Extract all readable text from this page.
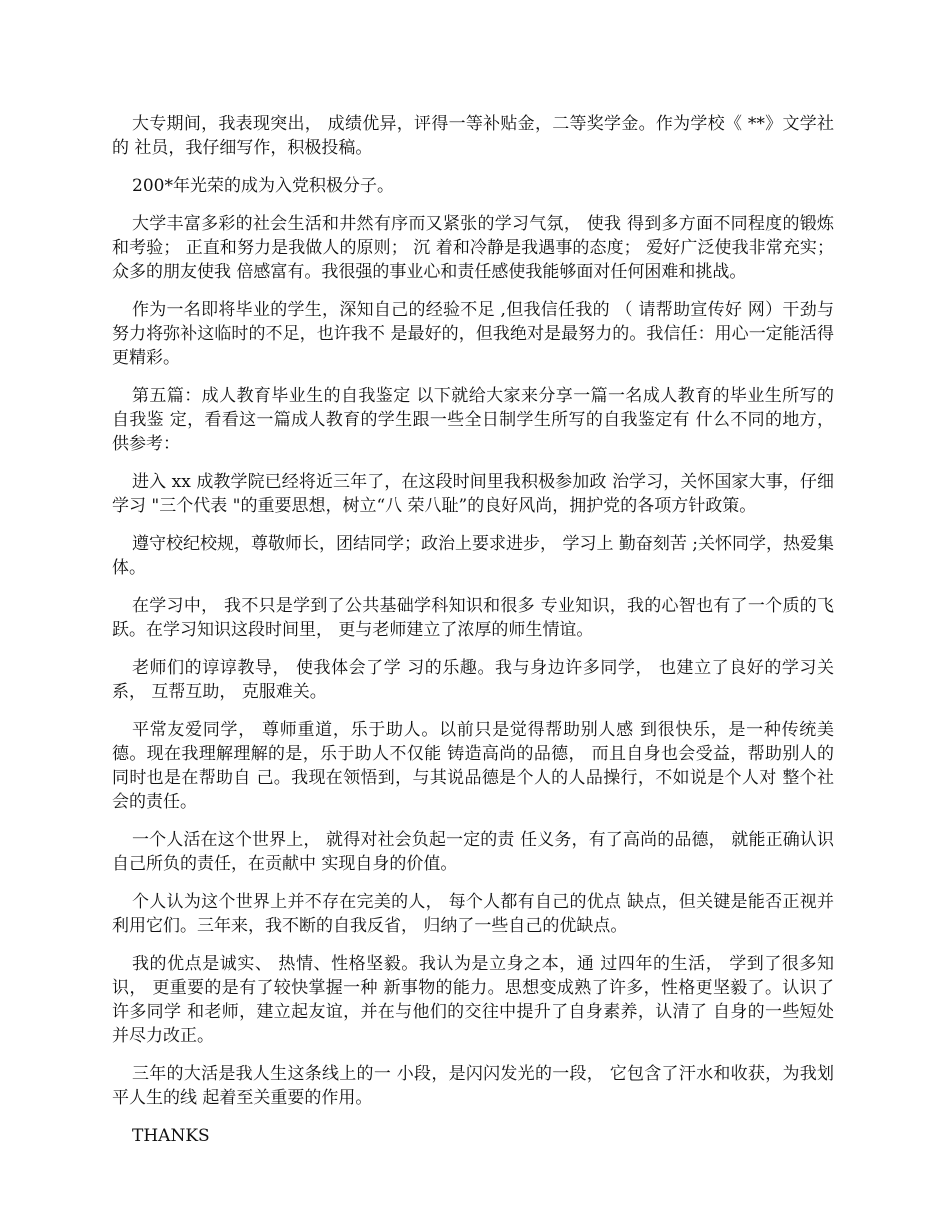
大专期间，我表现突出， 成绩优异，评得一等补贴金，二等奖学金。作为学校《 **》文学社的 社员，我仔细写作，积极投稿。

200*年光荣的成为入党积极分子。

大学丰富多彩的社会生活和井然有序而又紧张的学习气氛， 使我 得到多方面不同程度的锻炼和考验； 正直和努力是我做人的原则； 沉 着和冷静是我遇事的态度； 爱好广泛使我非常充实； 众多的朋友使我 倍感富有。我很强的事业心和责任感使我能够面对任何困难和挑战。

作为一名即将毕业的学生，深知自己的经验不足 ,但我信任我的 （ 请帮助宣传好 网）干劲与努力将弥补这临时的不足，也许我不 是最好的，但我绝对是最努力的。我信任：用心一定能活得更精彩。

第五篇：成人教育毕业生的自我鉴定 以下就给大家来分享一篇一名成人教育的毕业生所写的自我鉴 定，看看这一篇成人教育的学生跟一些全日制学生所写的自我鉴定有 什么不同的地方，供参考：

进入 xx 成教学院已经将近三年了，在这段时间里我积极参加政 治学习，关怀国家大事，仔细学习 "三个代表 "的重要思想，树立“八 荣八耻”的良好风尚，拥护党的各项方针政策。

遵守校纪校规，尊敬师长，团结同学；政治上要求进步， 学习上 勤奋刻苦 ;关怀同学，热爱集体。

在学习中， 我不只是学到了公共基础学科知识和很多 专业知识，我的心智也有了一个质的飞跃。在学习知识这段时间里， 更与老师建立了浓厚的师生情谊。

老师们的谆谆教导， 使我体会了学 习的乐趣。我与身边许多同学， 也建立了良好的学习关系， 互帮互助， 克服难关。

平常友爱同学， 尊师重道，乐于助人。以前只是觉得帮助别人感 到很快乐，是一种传统美德。现在我理解理解的是，乐于助人不仅能 铸造高尚的品德， 而且自身也会受益，帮助别人的同时也是在帮助自 己。我现在领悟到，与其说品德是个人的人品操行，不如说是个人对 整个社会的责任。

一个人活在这个世界上， 就得对社会负起一定的责 任义务，有了高尚的品德， 就能正确认识自己所负的责任，在贡献中 实现自身的价值。

个人认为这个世界上并不存在完美的人， 每个人都有自己的优点 缺点，但关键是能否正视并利用它们。三年来，我不断的自我反省， 归纳了一些自己的优缺点。

我的优点是诚实、 热情、性格坚毅。我认为是立身之本，通 过四年的生活， 学到了很多知识， 更重要的是有了较快掌握一种 新事物的能力。思想变成熟了许多，性格更坚毅了。认识了许多同学 和老师，建立起友谊，并在与他们的交往中提升了自身素养，认清了 自身的一些短处并尽力改正。

三年的大活是我人生这条线上的一 小段，是闪闪发光的一段， 它包含了汗水和收获，为我划平人生的线 起着至关重要的作用。

THANKS
